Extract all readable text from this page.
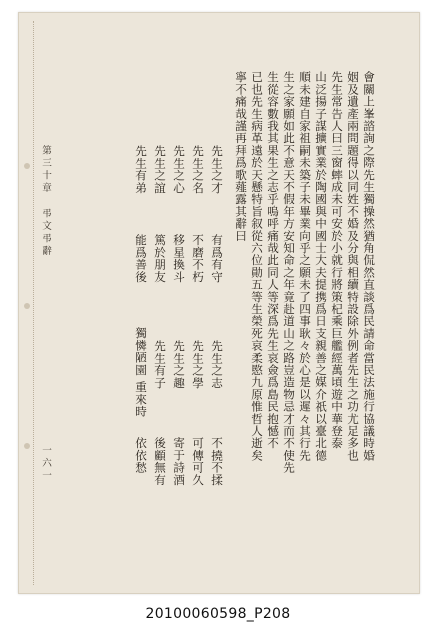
一六一
第三十章　弔文弔辭	會關上峯諮詢之際先生獨操然猶角侃然直談爲民請命當民法施行協議時婚
姻及遺產兩問題得以同姓不婚及分與相續特設除外例者先生之功尤足多也
先生常告人曰三窗蟀成未可安於小就行將策杞乘巨艦經萬頃遊中華登泰
山泛揚子謀擴實業於陶國與中國士大夫提携爲日支親善之媒介祇以臺北德
順未建自家祖嗣未築子未畢業向乎之願未了四事耿々於心是以遲々其行先
生之家願如此不意天不假年方安知命之年竟赴道山之路豈造物忌才而不使先
生從容數我其果生之志乎嗚呼痛哉此同人等深爲先生哀僉爲島民抱憾不
已也先生病革遠於天懸特旨叙從六位勛五等生榮死哀柔愍九原惟哲人逝矣
寧不痛哉謹再拜爲歌薤露其辭曰
先生之才
有爲有守
先生之志
不撓不揉
先生之名
不磨不朽
先生之學
可傳可久
先生之心
移星換斗
先生之趣
寄于詩酒
先生之誼
篤於朋友
先生有子
後顧無有
先生有弟
能爲善後
獨憐陋園
重來時
依依愁
20100060598_P208
